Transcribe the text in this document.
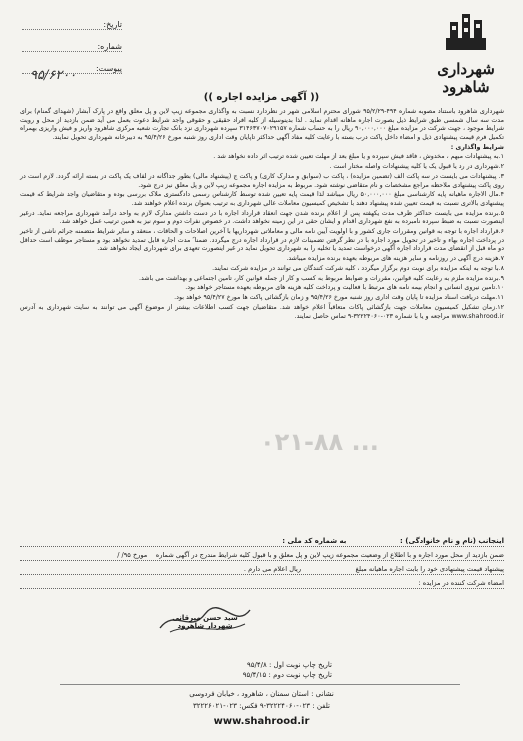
شهرداری شاهرود
تاریخ:
شماره:
پیوست:
۹۵/۶۲۰۰
(( آگهی مزایده اجاره ))

شهرداری شاهرود باستناد مصوبه شماره ۴۹۴-۹۵/۲/۲۹ شورای محترم اسلامی شهر در نظردارد نسبت به واگذاری مجموعه زیپ لاین و پل معلق واقع در پارک آبشار (شهدای گمنام) برای مدت سه سال شمسی طبق شرایط ذیل بصورت اجاره ماهانه اقدام نماید . لذا بدینوسیله از کلیه افراد حقیقی و حقوقی واجد شرایط دعوت بعمل می آید ضمن بازدید از محل و رویت شرایط موجود ، جهت شرکت در مزایده مبلغ ۹۰,۰۰۰,۰۰۰ ریال را به حساب شماره ۳۱۴۶۳۷۰۷۰۲۹۱۵۷ سپرده شهرداری نزد بانک تجارت شعبه مرکزی شاهرود واریز و فیش واریزی بهمراه تکمیل فرم قیمت پیشنهادی ذیل و امضاء داخل پاکت درب بسته با رعایت کلیه مفاد آگهی حداکثر تاپایان وقت اداری روز شنبه مورخ ۹۵/۴/۲۶ به دبیرخانه شهرداری تحویل نمایند.

شرایط واگذاری :

۱.به پیشنهادات مبهم ، مخدوش ، فاقد فیش سپرده و یا مبلغ بعد از مهلت تعیین شده ترتیب اثر داده نخواهد شد .

۲.شهرداری در رد یا قبول یک یا کلیه پیشنهادات واصله مختار است .

۳. پیشنهادات می بایست در سه پاکت الف (تضمین مزایده) ، پاکت ب (سوابق و مدارک کاری) و پاکت ج (پیشنهاد مالی) بطور جداگانه در لفاف یک پاکت در بسته ارائه گردد. لازم است در روی پاکت پیشنهادی ملاحظه مراجع مشخصات و نام متقاضی نوشته شود. مربوط به مزایده اجاره مجموعه زیپ لاین و پل معلق نیز درج شود.

۴.مال الاجاره ماهیانه پایه کارشناسی مبلغ ۵۰,۰۰۰,۰۰۰ ریال میباشد لذا قیمت پایه تعیین شده توسط کارشناس رسمی دادگستری ملاک بررسی بوده و متقاضیان واجد شرایط که قیمت پیشنهادی بالاتری نسبت به قیمت تعیین شده پیشنهاد دهند با تشخیص کمیسیون معاملات عالی شهرداری به ترتیب بعنوان برنده اعلام خواهند شد.

۵.برنده مزایده می بایست حداکثر ظرف مدت یکهفته پس از اعلام برنده شدن جهت انعقاد قرارداد اجاره با در دست داشتن مدارک لازم به واحد درآمد شهرداری مراجعه نماید. درغیر اینصورت نسبت به ضبط سپرده نامبرده به نفع شهرداری اقدام و ایشان حقی در این زمینه نخواهد داشت. در خصوص نفرات دوم و سوم نیز به همین ترتیب عمل خواهد شد.

۶.قرارداد اجاره با توجه به قوانین ومقررات جاری کشور و با اولویت آیین نامه مالی و معاملاتی شهرداریها با آخرین اصلاحات و الحاقات ، منعقد و سایر شرایط متضمنه جرائم ناشی از تاخیر در پرداخت اجاره بهاء و تاخیر در تحویل مورد اجاره با در نظر گرفتن تضمینات لازم در قرارداد اجاره درج میگردد. ضمنا ً مدت اجاره قابل تمدید نخواهد بود و مستاجر موظف است حداقل دو ماه قبل از انقضای مدت قرارداد اجاره آگهی درخواست تمدید یا تخلیه را به شهرداری تحویل نماید در غیر اینصورت تعهدی برای شهرداری ایجاد نخواهد شد.

۷.هزینه درج آگهی در روزنامه و سایر هزینه های مربوطه بعهده برنده مزایده میباشد.

۸.با توجه به اینکه مزایده برای نوبت دوم برگزار میگردد ، کلیه شرکت کنندگان می توانند در مزایده شرکت نمایند.

۹.برنده مزایده ملزم به رعایت کلیه قوانین، مقررات و ضوابط مربوط به کسب و کار از جمله قوانین کار، تامین اجتماعی و بهداشت می باشد.

۱۰.تامین نیروی انسانی و انجام بیمه نامه های مرتبط با فعالیت و پرداخت کلیه هزینه های مربوطه بعهده مستاجر خواهد بود.

۱۱.مهلت دریافت اسناد مزایده تا پایان وقت اداری روز شنبه مورخ ۹۵/۴/۲۶ و زمان بازگشائی پاکت ها مورخ ۹۵/۴/۲۷ خواهد بود.

۱۲.زمان تشکیل کمیسیون معاملات جهت بازگشائی پاکات متعاقباً اعلام خواهد شد. متقاضیان جهت کسب اطلاعات بیشتر از موضوع آگهی می توانند به سایت شهرداری به آدرس www.shahrood.ir مراجعه و یا با شماره ۰۲۳-۳۲۲۲۴۰۶۰-۹ تماس حاصل نمایند.

۰۲۱-۸۸ ...
اینجانب (نام و نام خانوادگی) :                      به شماره کد ملی :
ضمن بازدید از محل مورد اجاره و با اطلاع از وضعیت مجموعه زیپ لاین و پل معلق و با قبول کلیه شرایط مندرج در آگهی شماره    مورخ ۹۵/ /
پیشنهاد قیمت پیشنهادی خود را بابت اجاره ماهیانه مبلغ                          ریال اعلام می دارم .
امضاء شرکت کننده در مزایده :
سید حسن میرقانی
شهردار شاهرود
تاریخ چاپ نوبت اول : ۹۵/۴/۸
تاریخ چاپ نوبت دوم : ۹۵/۴/۱۵
نشانی : استان سمنان ، شاهرود ، خیابان فردوسی
تلفن : ۰۲۳-۳۲۲۲۴۰۶۰-۹ فکس: ۰۲۳-۳۲۲۲۶۰۲۱
www.shahrood.ir
